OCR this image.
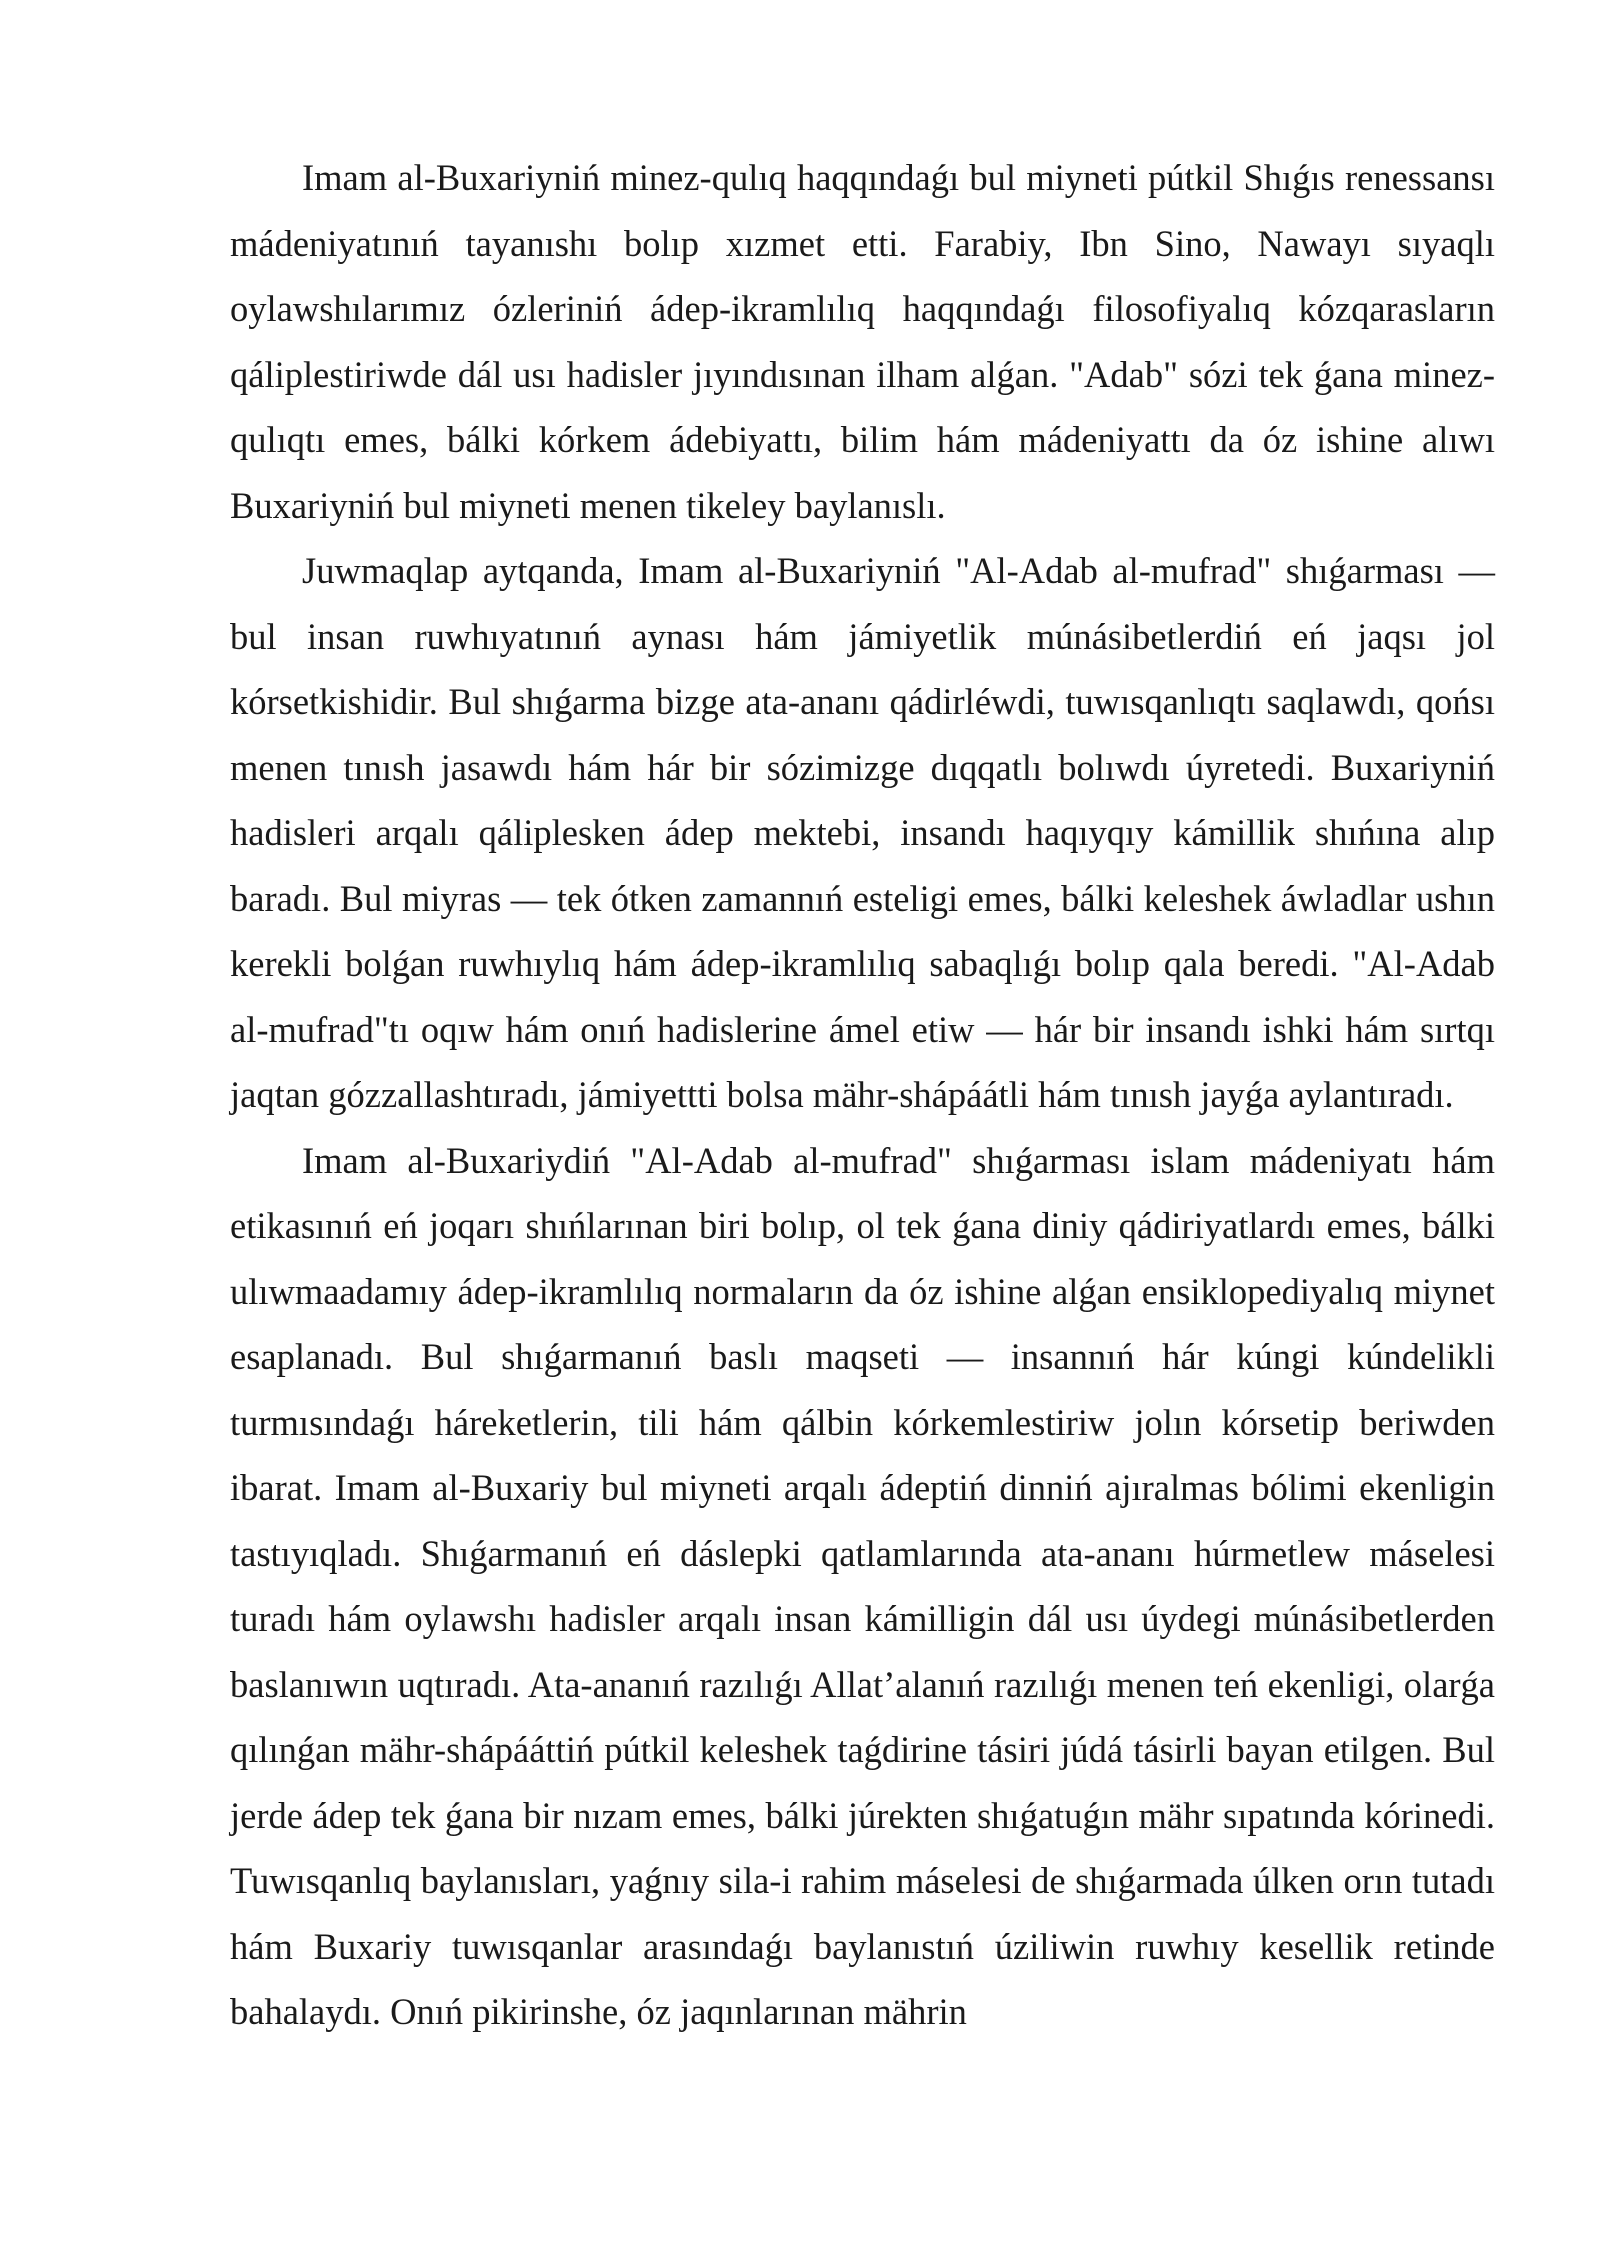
Imam al-Buxariyniń minez-qulıq haqqındaǵı bul miyneti pútkil Shıǵıs renessansı mádeniyatınıń tayanıshı bolıp xızmet etti. Farabiy, Ibn Sino, Nawayı sıyaqlı oylawshılarımız ózleriniń ádep-ikramlılıq haqqındaǵı filosofiyalıq kózqarasların qáliplestiriwde dál usı hadisler jıyındısınan ilham alǵan. "Adab" sózi tek ǵana minez-qulıqtı emes, bálki kórkem ádebiyattı, bilim hám mádeniyattı da óz ishine alıwı Buxariyniń bul miyneti menen tikeley baylanıslı.

Juwmaqlap aytqanda, Imam al-Buxariyniń "Al-Adab al-mufrad" shıǵarması — bul insan ruwhıyatınıń aynası hám jámiyetlik múnásibetlerdiń eń jaqsı jol kórsetkishidir. Bul shıǵarma bizge ata-ananı qádirléwdi, tuwısqanlıqtı saqlawdı, qońsı menen tınısh jasawdı hám hár bir sózimizge dıqqatlı bolıwdı úyretedi. Buxariyniń hadisleri arqalı qáliplesken ádep mektebi, insandı haqıyqıy kámillik shıńına alıp baradı. Bul miyras — tek ótken zamannıń esteligi emes, bálki keleshek áwladlar ushın kerekli bolǵan ruwhıylıq hám ádep-ikramlılıq sabaqlıǵı bolıp qala beredi. "Al-Adab al-mufrad"tı oqıw hám onıń hadislerine ámel etiw — hár bir insandı ishki hám sırtqı jaqtan gózzallashtıradı, jámiyettti bolsa mähr-shápáátli hám tınısh jayǵa aylantıradı.

Imam al-Buxariydiń "Al-Adab al-mufrad" shıǵarması islam mádeniyatı hám etikasınıń eń joqarı shıńlarınan biri bolıp, ol tek ǵana diniy qádiriyatlardı emes, bálki ulıwmaadamıy ádep-ikramlılıq normaların da óz ishine alǵan ensiklopediyalıq miynet esaplanadı. Bul shıǵarmanıń baslı maqseti — insannıń hár kúngi kúndelikli turmısındaǵı háreketlerin, tili hám qálbin kórkemlestiriw jolın kórsetip beriwden ibarat. Imam al-Buxariy bul miyneti arqalı ádeptiń dinniń ajıralmas bólimi ekenligin tastıyıqladı. Shıǵarmanıń eń dáslepki qatlamlarında ata-ananı húrmetlew máselesi turadı hám oylawshı hadisler arqalı insan kámilligin dál usı úydegi múnásibetlerden baslanıwın uqtıradı. Ata-ananıń razılıǵı Allat’alanıń razılıǵı menen teń ekenligi, olarǵa qılınǵan mähr-shápááttiń pútkil keleshek taǵdirine tásiri júdá tásirli bayan etilgen. Bul jerde ádep tek ǵana bir nızam emes, bálki júrekten shıǵatuǵın mähr sıpatında kórinedi. Tuwısqanlıq baylanısları, yaǵnıy sila-i rahim máselesi de shıǵarmada úlken orın tutadı hám Buxariy tuwısqanlar arasındaǵı baylanıstıń úziliwin ruwhıy kesellik retinde bahalaydı. Onıń pikirinshe, óz jaqınlarınan mährin
